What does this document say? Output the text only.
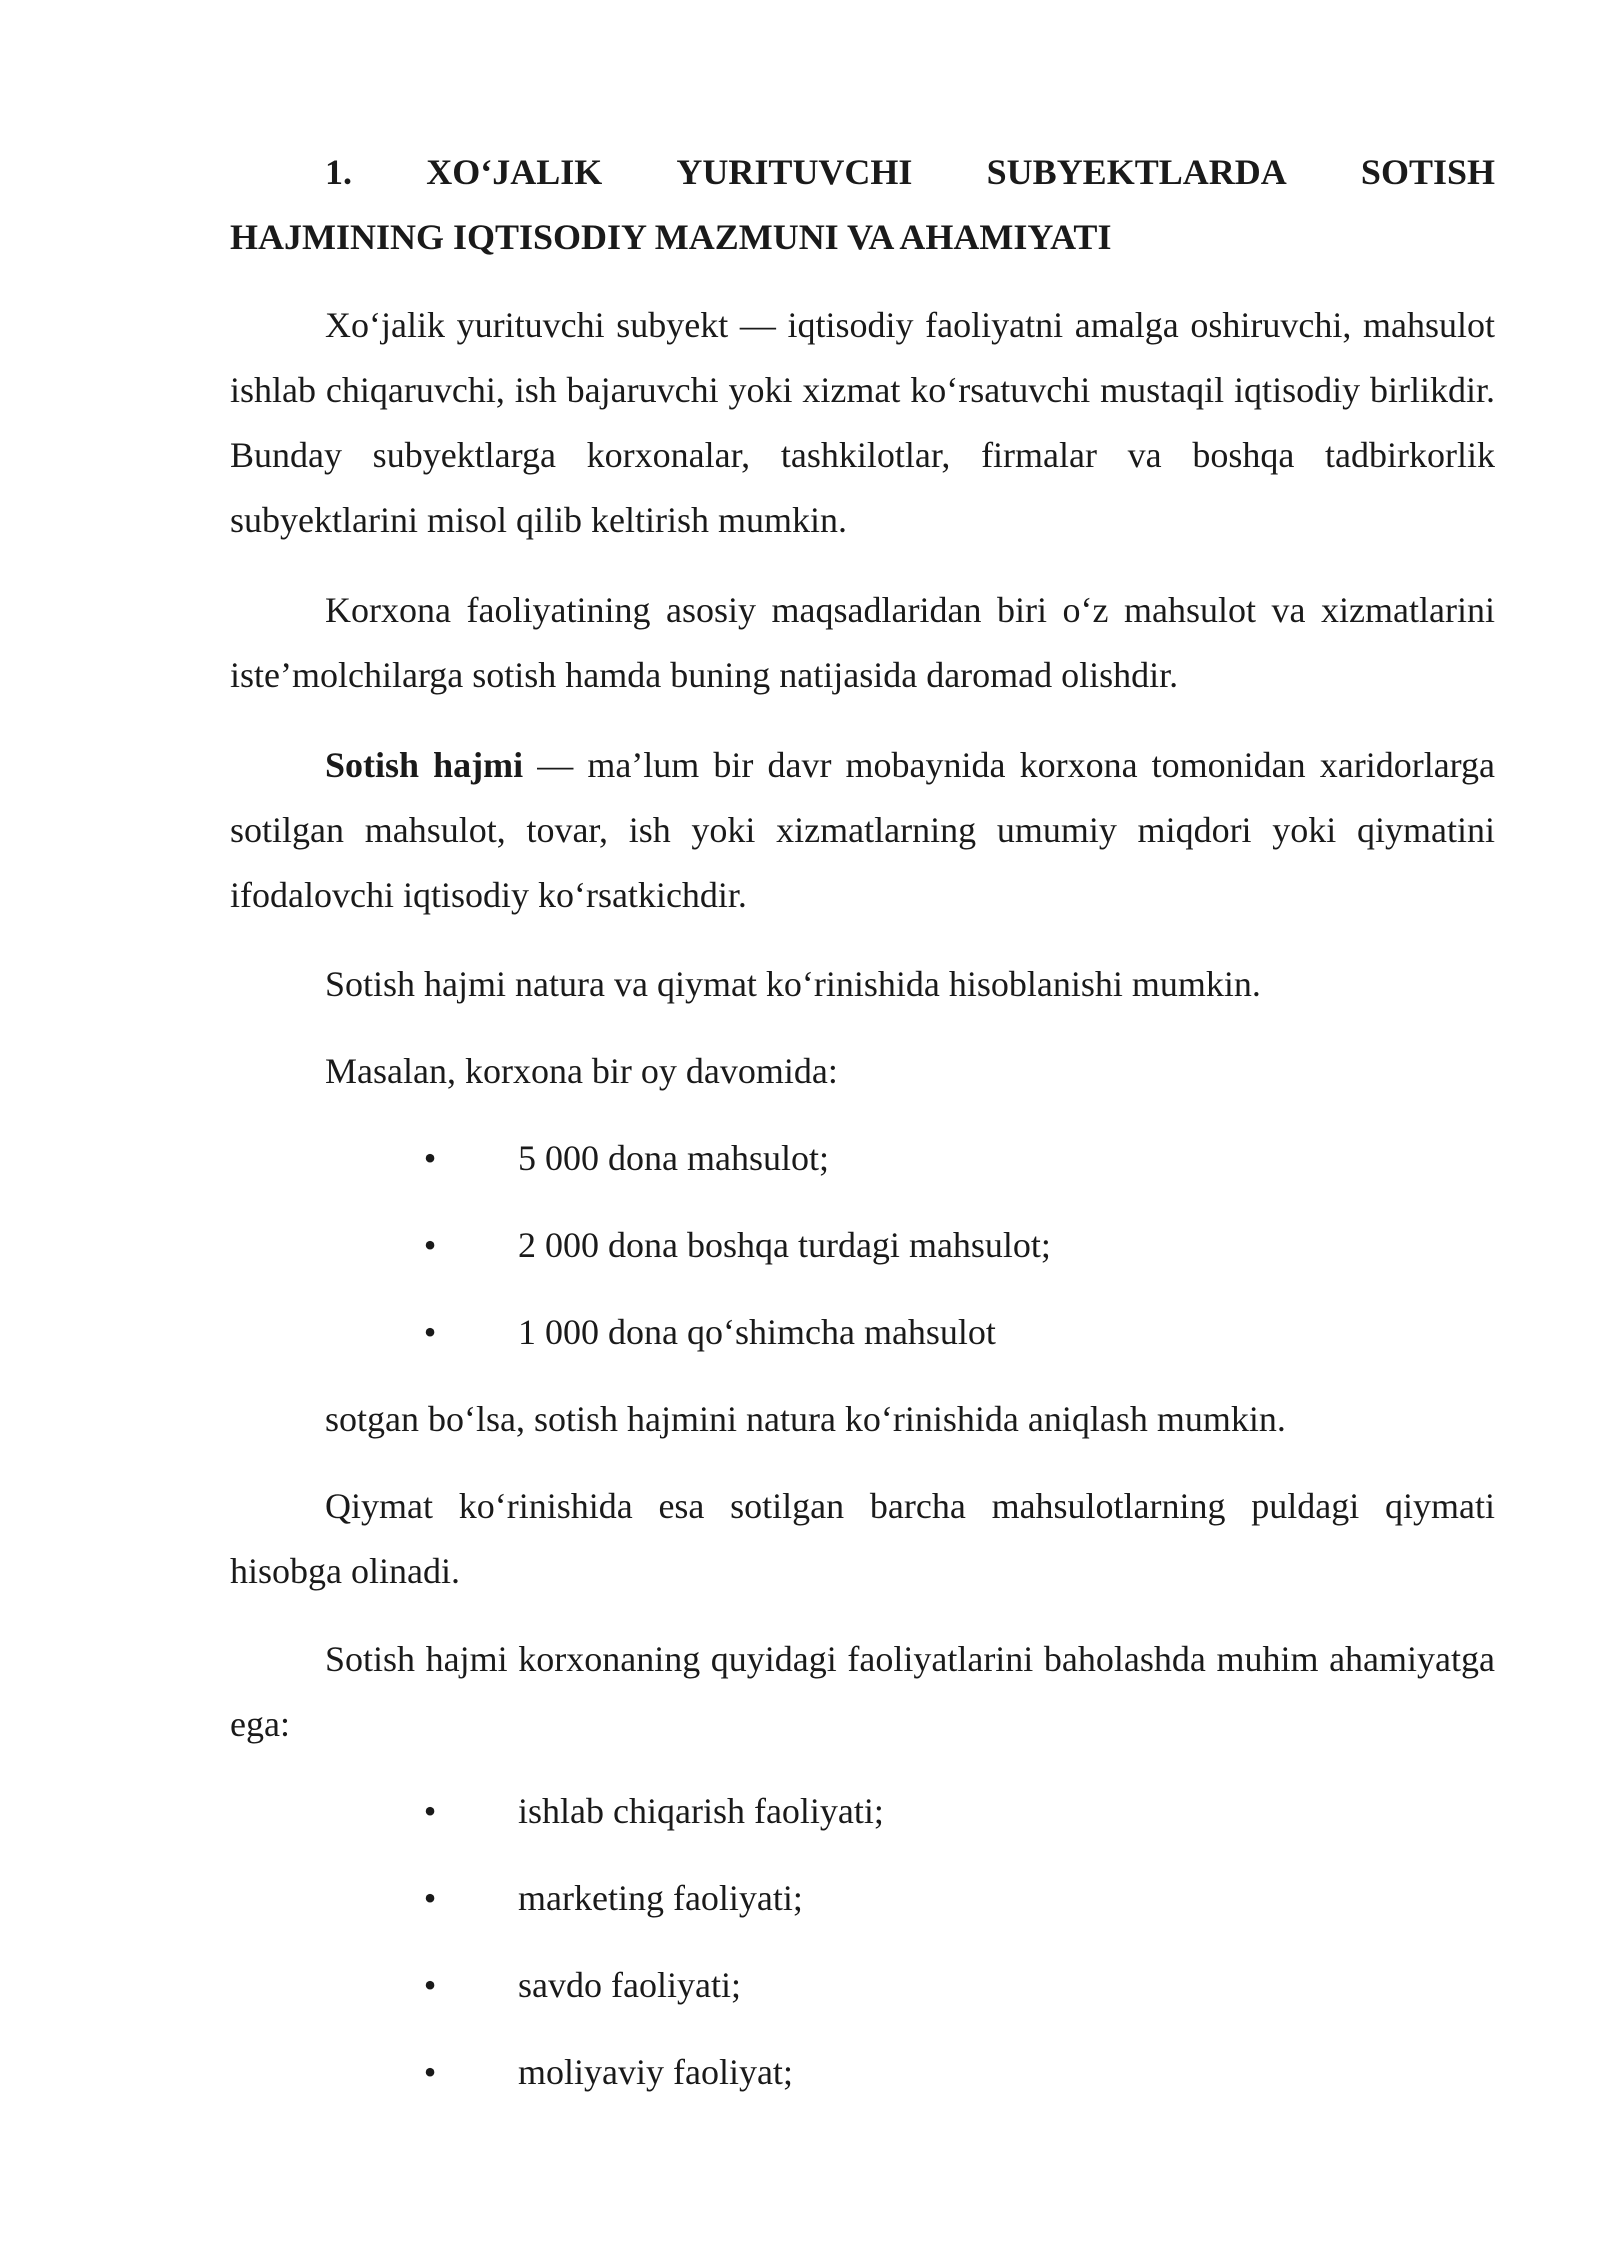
1. XO‘JALIK YURITUVCHI SUBYEKTLARDA SOTISH
HAJMINING IQTISODIY MAZMUNI VA AHAMIYATI

Xo‘jalik yurituvchi subyekt — iqtisodiy faoliyatni amalga oshiruvchi, mahsulot ishlab chiqaruvchi, ish bajaruvchi yoki xizmat ko‘rsatuvchi mustaqil iqtisodiy birlikdir. Bunday subyektlarga korxonalar, tashkilotlar, firmalar va boshqa tadbirkorlik subyektlarini misol qilib keltirish mumkin.

Korxona faoliyatining asosiy maqsadlaridan biri o‘z mahsulot va xizmatlarini iste’molchilarga sotish hamda buning natijasida daromad olishdir.

Sotish hajmi — ma’lum bir davr mobaynida korxona tomonidan xaridorlarga sotilgan mahsulot, tovar, ish yoki xizmatlarning umumiy miqdori yoki qiymatini ifodalovchi iqtisodiy ko‘rsatkichdir.

Sotish hajmi natura va qiymat ko‘rinishida hisoblanishi mumkin.

Masalan, korxona bir oy davomida:

• 5 000 dona mahsulot;
• 2 000 dona boshqa turdagi mahsulot;
• 1 000 dona qo‘shimcha mahsulot

sotgan bo‘lsa, sotish hajmini natura ko‘rinishida aniqlash mumkin.

Qiymat ko‘rinishida esa sotilgan barcha mahsulotlarning puldagi qiymati hisobga olinadi.

Sotish hajmi korxonaning quyidagi faoliyatlarini baholashda muhim ahamiyatga ega:

• ishlab chiqarish faoliyati;
• marketing faoliyati;
• savdo faoliyati;
• moliyaviy faoliyat;
